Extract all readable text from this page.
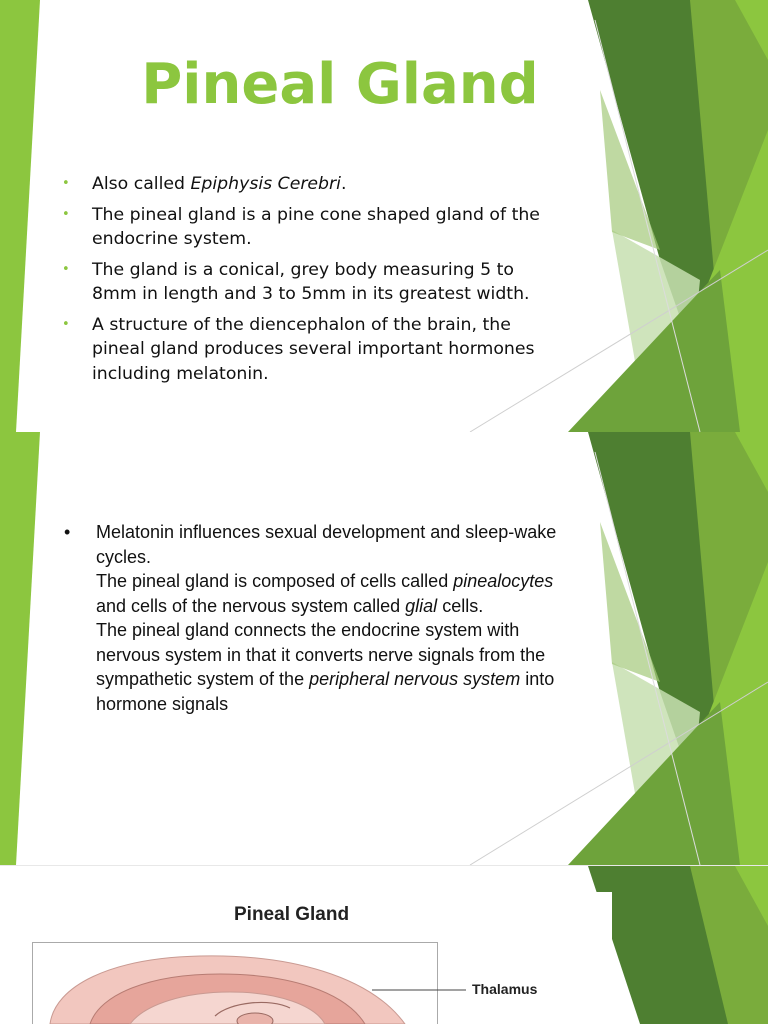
Pineal Gland
• Also called Epiphysis Cerebri.
• The pineal gland is a pine cone shaped gland of the endocrine system.
• The gland is a conical, grey body measuring 5 to 8mm in length and 3 to 5mm in its greatest width.
• A structure of the diencephalon of the brain, the pineal gland produces several important hormones including melatonin.
• Melatonin influences sexual development and sleep-wake cycles.
The pineal gland is composed of cells called pinealocytes and cells of the nervous system called glial cells.
The pineal gland connects the endocrine system with nervous system in that it converts nerve signals from the sympathetic system of the peripheral nervous system into hormone signals
Pineal Gland
Thalamus
